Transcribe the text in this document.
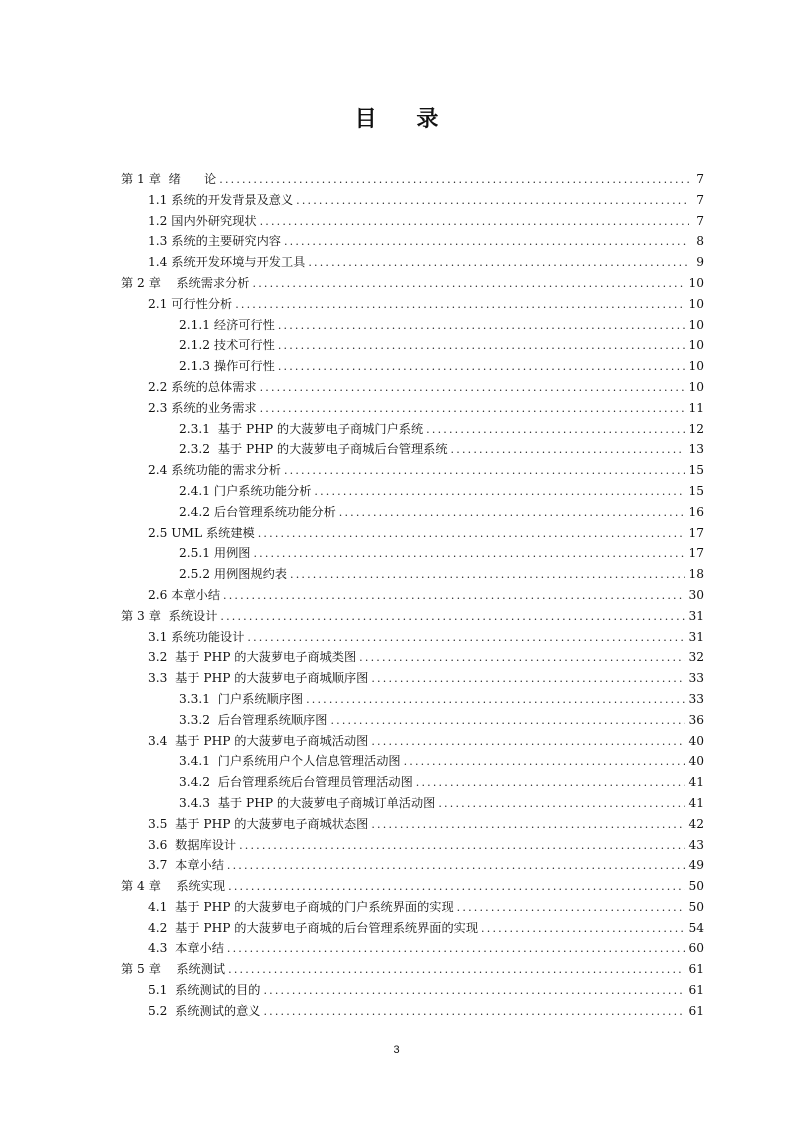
目 录
第 1 章  绪      论 .....	7
1.1 系统的开发背景及意义 .....	7
1.2 国内外研究现状 .....	7
1.3 系统的主要研究内容 .....	8
1.4 系统开发环境与开发工具 .....	9
第 2 章    系统需求分析 .....	10
2.1 可行性分析 .....	10
2.1.1 经济可行性 .....	10
2.1.2 技术可行性 .....	10
2.1.3 操作可行性 .....	10
2.2 系统的总体需求 .....	10
2.3 系统的业务需求 .....	11
2.3.1  基于 PHP 的大菠萝电子商城门户系统 .....	12
2.3.2  基于 PHP 的大菠萝电子商城后台管理系统 .....	13
2.4 系统功能的需求分析 .....	15
2.4.1 门户系统功能分析 .....	15
2.4.2 后台管理系统功能分析 .....	16
2.5 UML 系统建模 .....	17
2.5.1 用例图 .....	17
2.5.2 用例图规约表 .....	18
2.6 本章小结 .....	30
第 3 章  系统设计 .....	31
3.1 系统功能设计 .....	31
3.2  基于 PHP 的大菠萝电子商城类图 .....	32
3.3  基于 PHP 的大菠萝电子商城顺序图 .....	33
3.3.1  门户系统顺序图 .....	33
3.3.2  后台管理系统顺序图 .....	36
3.4  基于 PHP 的大菠萝电子商城活动图 .....	40
3.4.1  门户系统用户个人信息管理活动图 .....	40
3.4.2  后台管理系统后台管理员管理活动图 .....	41
3.4.3  基于 PHP 的大菠萝电子商城订单活动图 .....	41
3.5  基于 PHP 的大菠萝电子商城状态图 .....	42
3.6  数据库设计 .....	43
3.7  本章小结 .....	49
第 4 章    系统实现 .....	50
4.1  基于 PHP 的大菠萝电子商城的门户系统界面的实现 .....	50
4.2  基于 PHP 的大菠萝电子商城的后台管理系统界面的实现 .....	54
4.3  本章小结 .....	60
第 5 章    系统测试 .....	61
5.1  系统测试的目的 .....	61
5.2  系统测试的意义 .....	61
3
